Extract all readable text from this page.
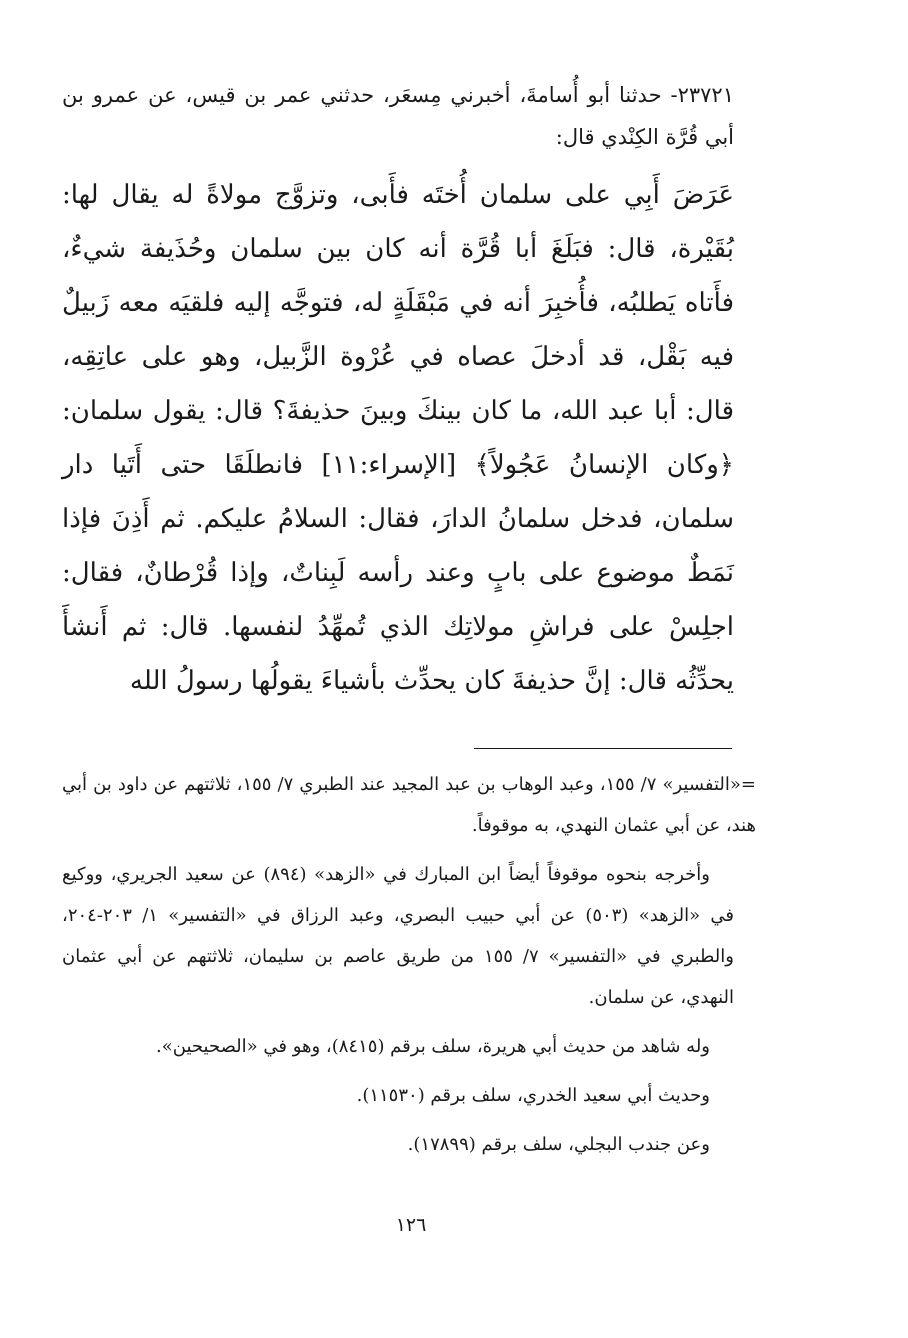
٢٣٧٢١- حدثنا أبو أُسامةَ، أخبرني مِسعَر، حدثني عمر بن قيس، عن عمرو بن أبي قُرَّة الكِنْدي قال:
عَرَضَ أَبِي على سلمان أُختَه فأَبى، وتزوَّج مولاةً له يقال لها: بُقَيْرة، قال: فبَلَغَ أبا قُرَّة أنه كان بين سلمان وحُذَيفة شيءٌ، فأَتاه يَطلبُه، فأُخبِرَ أنه في مَبْقَلَةٍ له، فتوجَّه إليه فلقيَه معه زَبيلٌ فيه بَقْل، قد أدخلَ عصاه في عُرْوة الزَّبيل، وهو على عاتِقِه، قال: أبا عبد الله، ما كان بينكَ وبينَ حذيفةَ؟ قال: يقول سلمان: ﴿وكان الإنسانُ عَجُولاً﴾ [الإسراء:١١] فانطلَقَا حتى أَتَيا دار سلمان، فدخل سلمانُ الدارَ، فقال: السلامُ عليكم. ثم أَذِنَ فإذا نَمَطٌ موضوع على بابٍ وعند رأسه لَبِناتٌ، وإذا قُرْطانٌ، فقال: اجلِسْ على فراشِ مولاتِك الذي تُمهِّدُ لنفسها. قال: ثم أَنشأَ يحدِّثُه قال: إنَّ حذيفةَ كان يحدِّث بأشياءَ يقولُها رسولُ الله

=«التفسير» ٧/ ١٥٥، وعبد الوهاب بن عبد المجيد عند الطبري ٧/ ١٥٥، ثلاثتهم عن داود بن أبي هند، عن أبي عثمان النهدي، به موقوفاً.

وأخرجه بنحوه موقوفاً أيضاً ابن المبارك في «الزهد» (٨٩٤) عن سعيد الجريري، ووكيع في «الزهد» (٥٠٣) عن أبي حبيب البصري، وعبد الرزاق في «التفسير» ١/ ٢٠٣-٢٠٤، والطبري في «التفسير» ٧/ ١٥٥ من طريق عاصم بن سليمان، ثلاثتهم عن أبي عثمان النهدي، عن سلمان.

وله شاهد من حديث أبي هريرة، سلف برقم (٨٤١٥)، وهو في «الصحيحين».

وحديث أبي سعيد الخدري، سلف برقم (١١٥٣٠).

وعن جندب البجلي، سلف برقم (١٧٨٩٩).

١٢٦
